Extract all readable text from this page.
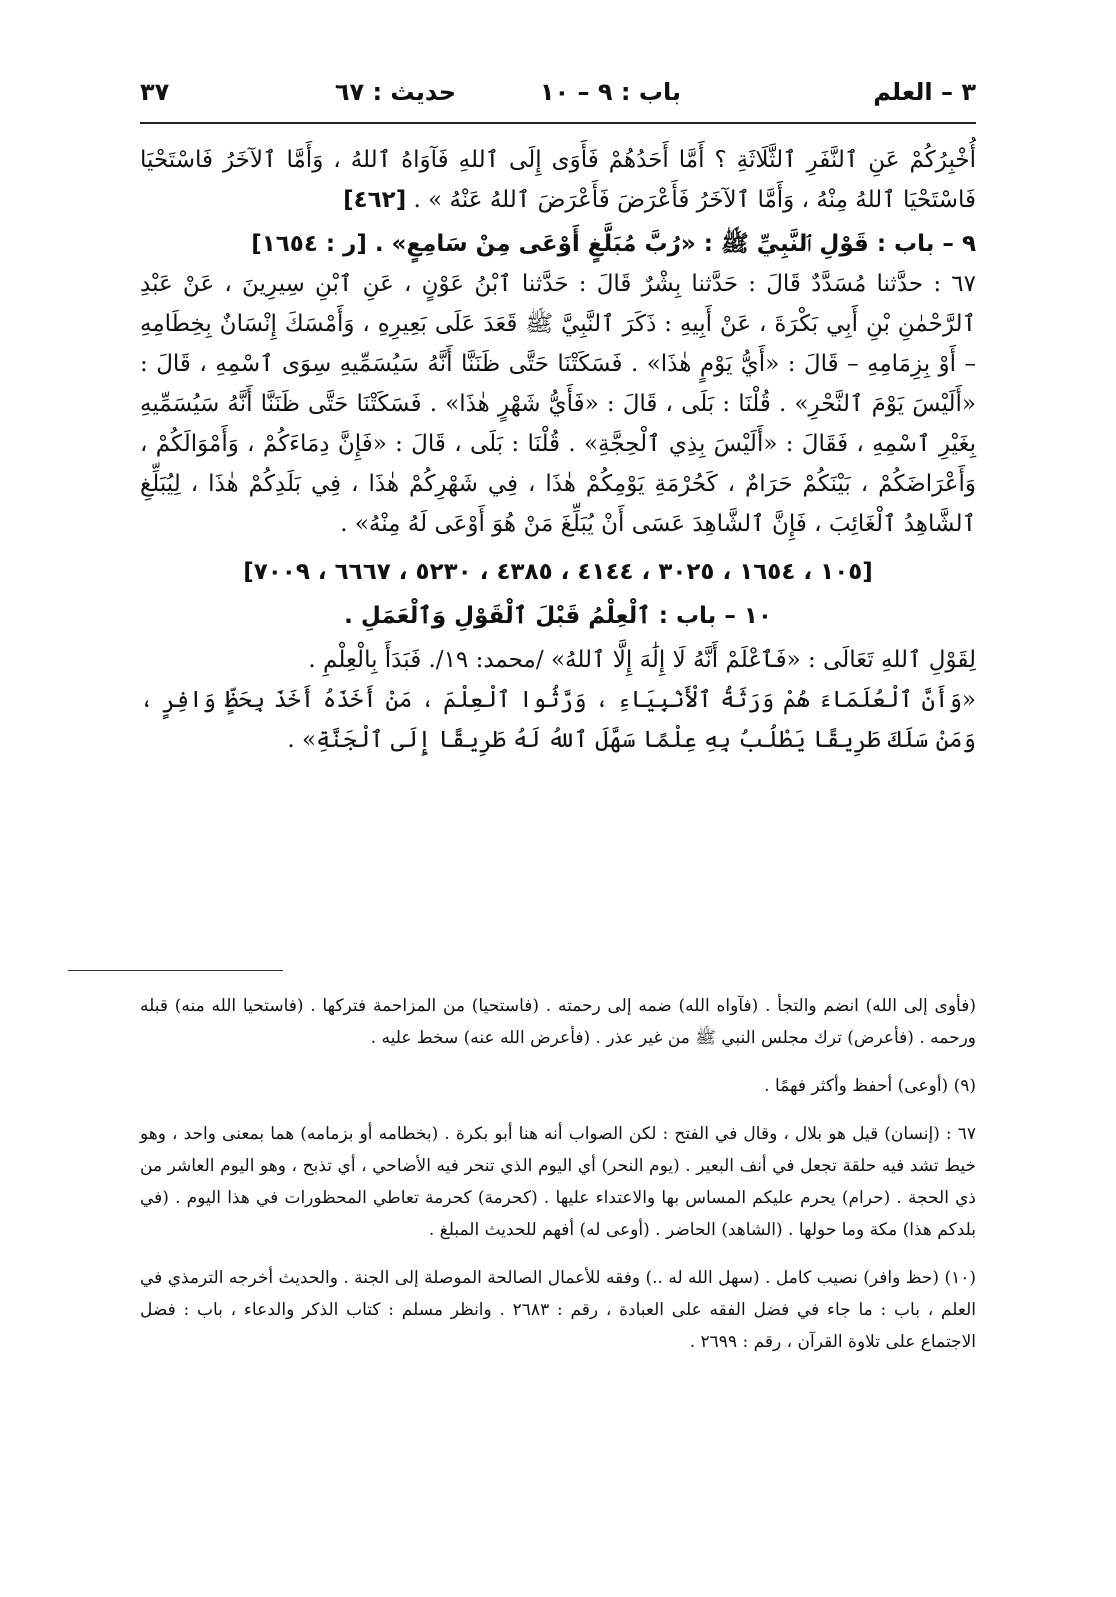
٣ – العلم
باب : ٩ – ١٠
حديث : ٦٧
٣٧

أُخْبِرُكُمْ عَنِ ٱلنَّفَرِ ٱلثَّلَاثَةِ ؟ أَمَّا أَحَدُهُمْ فَأَوَى إِلَى ٱللهِ فَآوَاهُ ٱللهُ ، وَأَمَّا ٱلآخَرُ فَاسْتَحْيَا فَاسْتَحْيَا ٱللهُ مِنْهُ ، وَأَمَّا ٱلآخَرُ فَأَعْرَضَ فَأَعْرَضَ ٱللهُ عَنْهُ » . [٤٦٢]

٩ – باب : قَوْلِ ٱلنَّبِيِّ ﷺ : «رُبَّ مُبَلَّغٍ أَوْعَى مِنْ سَامِعٍ» . [ر : ١٦٥٤]

٦٧ : حدَّثنا مُسَدَّدٌ قَالَ : حَدَّثنا بِشْرٌ قَالَ : حَدَّثنا ٱبْنُ عَوْنٍ ، عَنِ ٱبْنِ سِيرِينَ ، عَنْ عَبْدِ ٱلرَّحْمٰنِ بْنِ أَبِي بَكْرَةَ ، عَنْ أَبِيهِ : ذَكَرَ ٱلنَّبِيَّ ﷺ قَعَدَ عَلَى بَعِيرِهِ ، وَأَمْسَكَ إِنْسَانٌ بِخِطَامِهِ – أَوْ بِزِمَامِهِ – قَالَ : «أَيُّ يَوْمٍ هٰذَا» . فَسَكَتْنَا حَتَّى ظَنَنَّا أَنَّهُ سَيُسَمِّيهِ سِوَى ٱسْمِهِ ، قَالَ : «أَلَيْسَ يَوْمَ ٱلنَّحْرِ» . قُلْنَا : بَلَى ، قَالَ : «فَأَيُّ شَهْرٍ هٰذَا» . فَسَكَتْنَا حَتَّى ظَنَنَّا أَنَّهُ سَيُسَمِّيهِ بِغَيْرِ ٱسْمِهِ ، فَقَالَ : «أَلَيْسَ بِذِي ٱلْحِجَّةِ» . قُلْنَا : بَلَى ، قَالَ : «فَإِنَّ دِمَاءَكُمْ ، وَأَمْوَالَكُمْ ، وَأَعْرَاضَكُمْ ، بَيْنَكُمْ حَرَامٌ ، كَحُرْمَةِ يَوْمِكُمْ هٰذَا ، فِي شَهْرِكُمْ هٰذَا ، فِي بَلَدِكُمْ هٰذَا ، لِيُبَلِّغِ ٱلشَّاهِدُ ٱلْغَائِبَ ، فَإِنَّ ٱلشَّاهِدَ عَسَى أَنْ يُبَلِّغَ مَنْ هُوَ أَوْعَى لَهُ مِنْهُ» .

[١٠٥ ، ١٦٥٤ ، ٣٠٢٥ ، ٤١٤٤ ، ٤٣٨٥ ، ٥٢٣٠ ، ٦٦٦٧ ، ٧٠٠٩]

١٠ – باب : ٱلْعِلْمُ قَبْلَ ٱلْقَوْلِ وَٱلْعَمَلِ .

لِقَوْلِ ٱللهِ تَعَالَى : «فَٱعْلَمْ أَنَّهُ لَا إِلَٰهَ إِلَّا ٱللهُ» /محمد: ١٩/. فَبَدَأَ بِالْعِلْمِ .

«وَأَنَّ ٱلْعُلَمَاءَ هُمْ وَرَثَةُ ٱلْأَنْبِيَاءِ ، وَرَّثُوا ٱلْعِلْمَ ، مَنْ أَخَذَهُ أَخَذَ بِحَظٍّ وَافِرٍ ، وَمَنْ سَلَكَ طَرِيقًا يَطْلُبُ بِهِ عِلْمًا سَهَّلَ ٱللهُ لَهُ طَرِيقًا إِلَى ٱلْجَنَّةِ» .

(فأوى إلى الله) انضم والتجأ . (فآواه الله) ضمه إلى رحمته . (فاستحيا) من المزاحمة فتركها . (فاستحيا الله منه) قبله ورحمه . (فأعرض) ترك مجلس النبي ﷺ من غير عذر . (فأعرض الله عنه) سخط عليه .

(٩) (أوعى) أحفظ وأكثر فهمًا .

٦٧ : (إنسان) قيل هو بلال ، وقال في الفتح : لكن الصواب أنه هنا أبو بكرة . (بخطامه أو بزمامه) هما بمعنى واحد ، وهو خيط تشد فيه حلقة تجعل في أنف البعير . (يوم النحر) أي اليوم الذي تنحر فيه الأضاحي ، أي تذبح ، وهو اليوم العاشر من ذي الحجة . (حرام) يحرم عليكم المساس بها والاعتداء عليها . (كحرمة) كحرمة تعاطي المحظورات في هذا اليوم . (في بلدكم هذا) مكة وما حولها . (الشاهد) الحاضر . (أوعى له) أفهم للحديث المبلغ .

(١٠) (حظ وافر) نصيب كامل . (سهل الله له ..) وفقه للأعمال الصالحة الموصلة إلى الجنة . والحديث أخرجه الترمذي في العلم ، باب : ما جاء في فضل الفقه على العبادة ، رقم : ٢٦٨٣ . وانظر مسلم : كتاب الذكر والدعاء ، باب : فضل الاجتماع على تلاوة القرآن ، رقم : ٢٦٩٩ .
